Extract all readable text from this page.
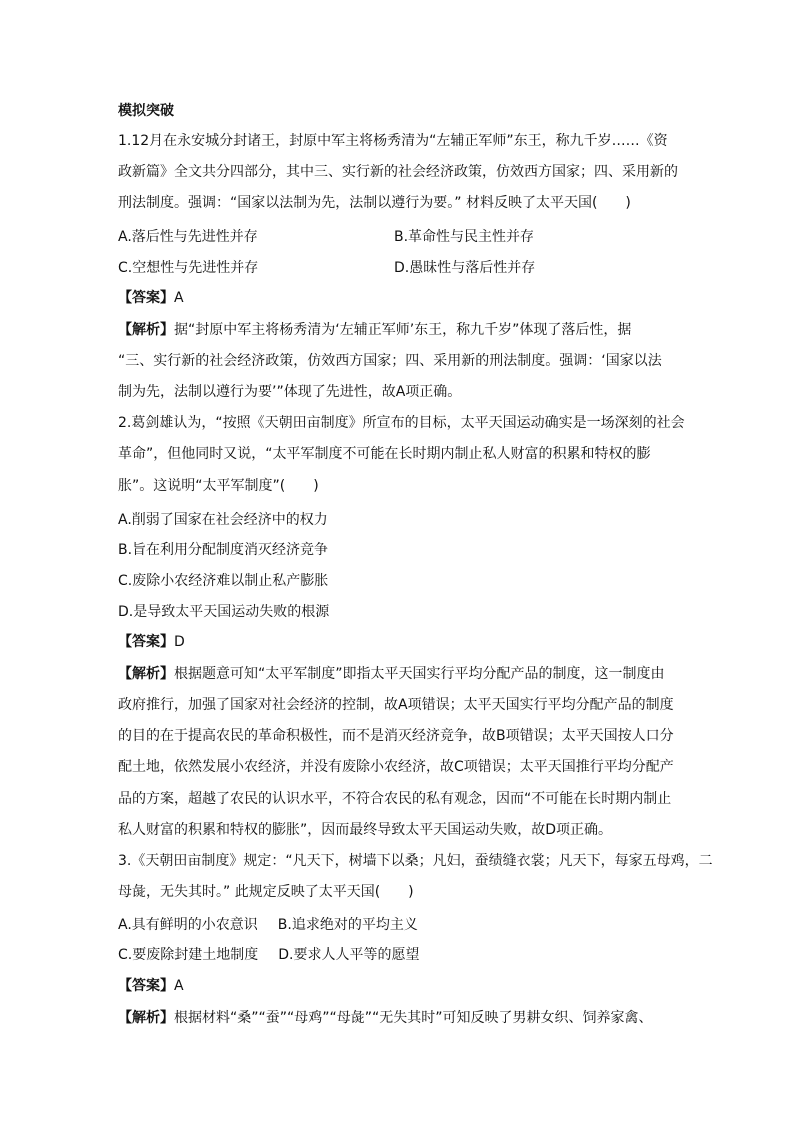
模拟突破
1.12月在永安城分封诸王，封原中军主将杨秀清为“左辅正军师”东王，称九千岁……《资
政新篇》全文共分四部分，其中三、实行新的社会经济政策，仿效西方国家；四、采用新的
刑法制度。强调：“国家以法制为先，法制以遵行为要。” 材料反映了太平天国(　　)
A.落后性与先进性并存	B.革命性与民主性并存
C.空想性与先进性并存	D.愚昧性与落后性并存
【答案】A
【解析】据“封原中军主将杨秀清为‘左辅正军师’东王，称九千岁”体现了落后性，据
“三、实行新的社会经济政策，仿效西方国家；四、采用新的刑法制度。强调：‘国家以法
制为先，法制以遵行为要’”体现了先进性，故A项正确。
2.葛剑雄认为，“按照《天朝田亩制度》所宣布的目标，太平天国运动确实是一场深刻的社会
革命”，但他同时又说，“太平军制度不可能在长时期内制止私人财富的积累和特权的膨
胀”。这说明“太平军制度”(　　)
A.削弱了国家在社会经济中的权力
B.旨在利用分配制度消灭经济竞争
C.废除小农经济难以制止私产膨胀
D.是导致太平天国运动失败的根源
【答案】D
【解析】根据题意可知“太平军制度”即指太平天国实行平均分配产品的制度，这一制度由
政府推行，加强了国家对社会经济的控制，故A项错误；太平天国实行平均分配产品的制度
的目的在于提高农民的革命积极性，而不是消灭经济竞争，故B项错误；太平天国按人口分
配土地，依然发展小农经济，并没有废除小农经济，故C项错误；太平天国推行平均分配产
品的方案，超越了农民的认识水平，不符合农民的私有观念，因而“不可能在长时期内制止
私人财富的积累和特权的膨胀”，因而最终导致太平天国运动失败，故D项正确。
3.《天朝田亩制度》规定：“凡天下，树墙下以桑；凡妇，蚕绩缝衣裳；凡天下，每家五母鸡，二
母彘，无失其时。” 此规定反映了太平天国(　　)
A.具有鲜明的小农意识 B.追求绝对的平均主义
C.要废除封建土地制度 D.要求人人平等的愿望
【答案】A
【解析】根据材料“桑”“蚕”“母鸡”“母彘”“无失其时”可知反映了男耕女织、饲养家禽、
